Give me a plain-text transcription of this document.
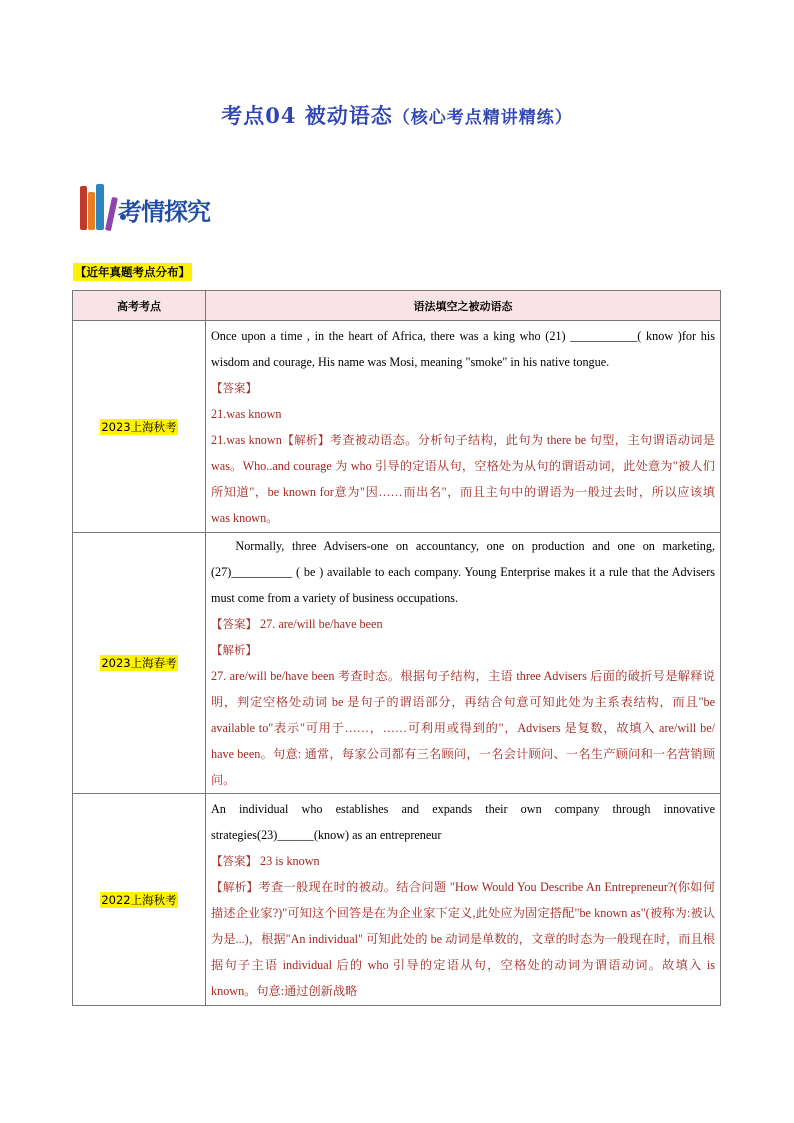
考点04 被动语态（核心考点精讲精练）
考情探究
【近年真题考点分布】
高考考点	语法填空之被动语态
2023上海秋考	Once upon a time , in the heart of Africa, there was a king who (21) ___________( know )for his wisdom and courage, His name was Mosi, meaning "smoke" in his native tongue.

【答案】

21.was known

21.was known【解析】考查被动语态。分析句子结构，此句为 there be 句型，主句谓语动词是 was。Who..and courage 为 who 引导的定语从句，空格处为从句的谓语动词，此处意为"被人们所知道"，be known for意为"因……而出名"，而且主句中的谓语为一般过去时，所以应该填 was known。

2023上海春考	Normally, three Advisers-one on accountancy, one on production and one on marketing,(27)__________ ( be ) available to each company. Young Enterprise makes it a rule that the Advisers must come from a variety of business occupations.

【答案】 27. are/will be/have been

【解析】

27. are/will be/have been 考查时态。根据句子结构，主语 three Advisers 后面的破折号是解释说明，判定空格处动词 be 是句子的谓语部分，再结合句意可知此处为主系表结构，而且"be available to"表示"可用于……，……可利用或得到的"，Advisers 是复数，故填入 are/will be/ have been。句意: 通常，每家公司都有三名顾问，一名会计顾问、一名生产顾问和一名营销顾问。

2022上海秋考	An individual who establishes and expands their own company through innovative strategies(23)______(know) as an entrepreneur

【答案】 23 is known

【解析】考查一般现在时的被动。结合问题 "How Would You Describe An Entrepreneur?(你如何描述企业家?)"可知这个回答是在为企业家下定义,此处应为固定搭配"be known as"(被称为:被认为是...)，根据"An individual" 可知此处的 be 动词是单数的，文章的时态为一般现在时，而且根据句子主语 individual 后的 who 引导的定语从句，空格处的动词为谓语动词。故填入 is known。句意:通过创新战略
